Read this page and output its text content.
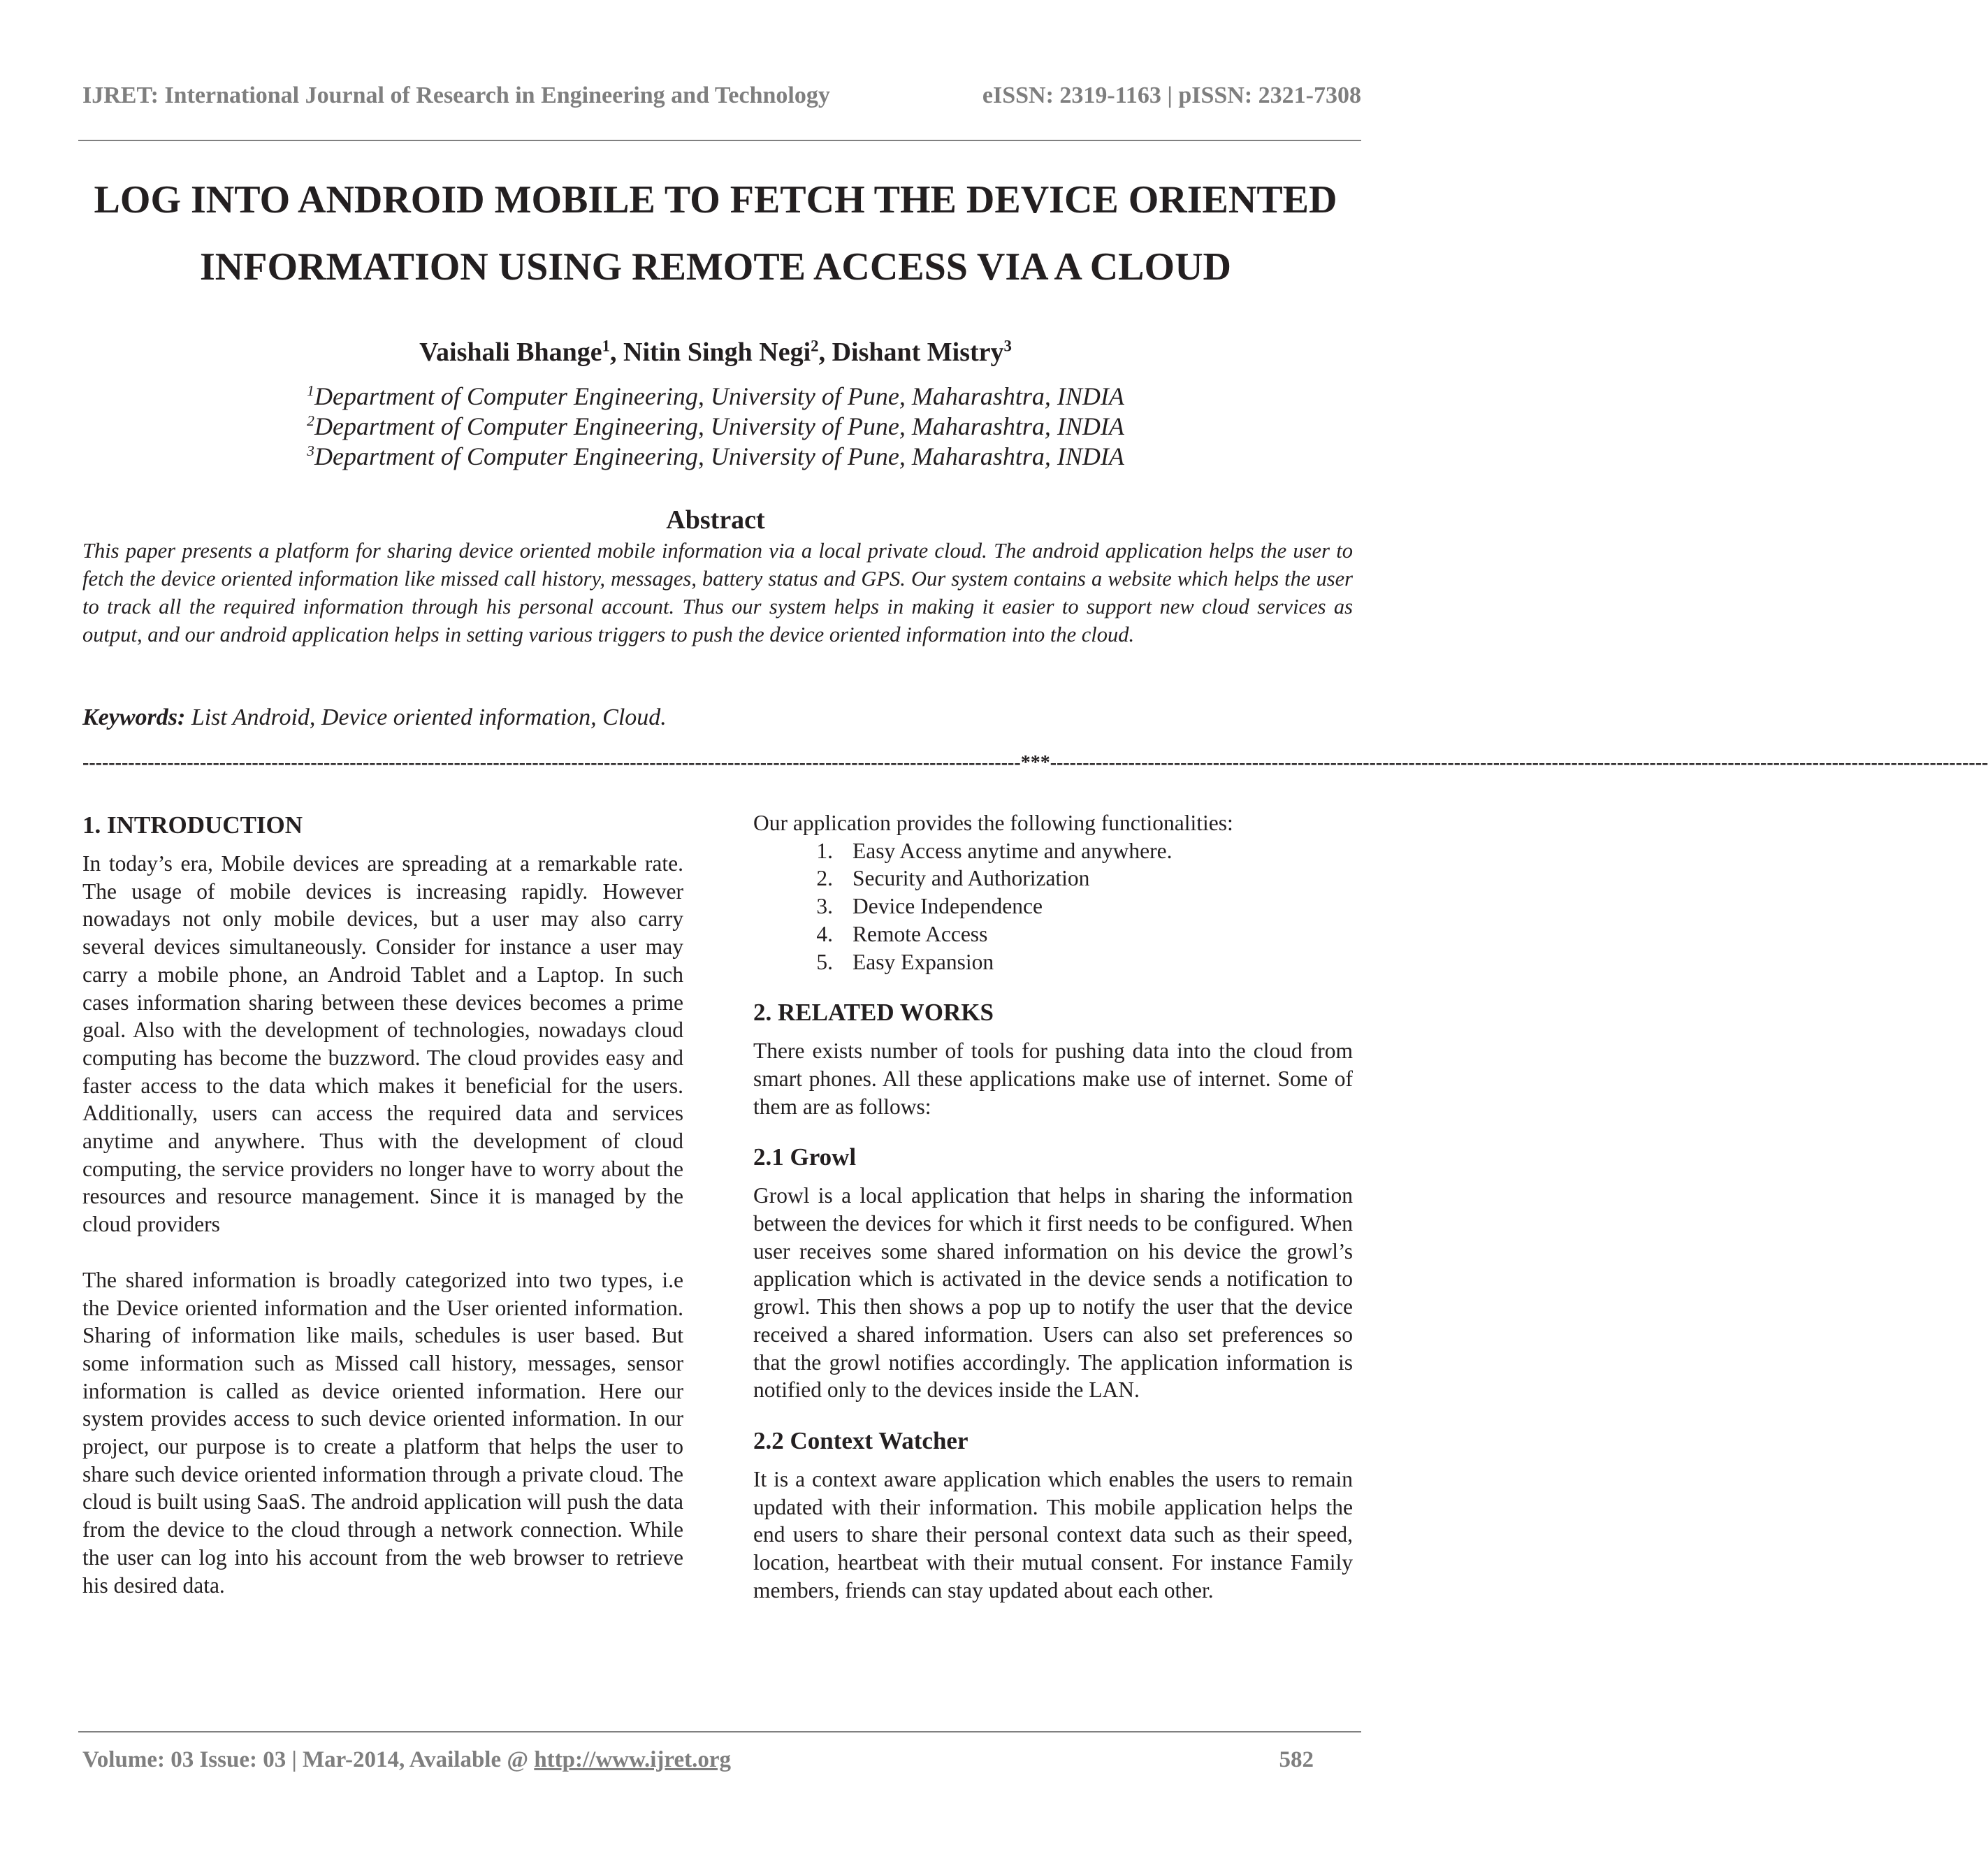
IJRET: International Journal of Research in Engineering and Technology	eISSN: 2319-1163 | pISSN: 2321-7308
LOG INTO ANDROID MOBILE TO FETCH THE DEVICE ORIENTED
INFORMATION USING REMOTE ACCESS VIA A CLOUD
Vaishali Bhange$^1$, Nitin Singh Negi$^2$, Dishant Mistry$^3$
$^1$Department of Computer Engineering, University of Pune, Maharashtra, INDIA
$^2$Department of Computer Engineering, University of Pune, Maharashtra, INDIA
$^3$Department of Computer Engineering, University of Pune, Maharashtra, INDIA
Abstract

This paper presents a platform for sharing device oriented mobile information via a local private cloud. The android application helps the user to fetch the device oriented information like missed call history, messages, battery status and GPS. Our system contains a website which helps the user to track all the required information through his personal account. Thus our system helps in making it easier to support new cloud services as output, and our android application helps in setting various triggers to push the device oriented information into the cloud.

Keywords: List Android, Device oriented information, Cloud.
------------------------------------------------------------------------------------------------------------------------------------------------***------------------------------------------------------------------------------------------------------------------------------------------------
1. INTRODUCTION

In today’s era, Mobile devices are spreading at a remarkable rate. The usage of mobile devices is increasing rapidly. However nowadays not only mobile devices, but a user may also carry several devices simultaneously. Consider for instance a user may carry a mobile phone, an Android Tablet and a Laptop. In such cases information sharing between these devices becomes a prime goal. Also with the development of technologies, nowadays cloud computing has become the buzzword. The cloud provides easy and faster access to the data which makes it beneficial for the users. Additionally, users can access the required data and services anytime and anywhere. Thus with the development of cloud computing, the service providers no longer have to worry about the resources and resource management. Since it is managed by the cloud providers

The shared information is broadly categorized into two types, i.e the Device oriented information and the User oriented information. Sharing of information like mails, schedules is user based. But some information such as Missed call history, messages, sensor information is called as device oriented information. Here our system provides access to such device oriented information. In our project, our purpose is to create a platform that helps the user to share such device oriented information through a private cloud. The cloud is built using SaaS. The android application will push the data from the device to the cloud through a network connection. While the user can log into his account from the web browser to retrieve his desired data.

Our application provides the following functionalities:

1. Easy Access anytime and anywhere.
2. Security and Authorization
3. Device Independence
4. Remote Access
5. Easy Expansion
2. RELATED WORKS

There exists number of tools for pushing data into the cloud from smart phones. All these applications make use of internet. Some of them are as follows:

2.1 Growl

Growl is a local application that helps in sharing the information between the devices for which it first needs to be configured. When user receives some shared information on his device the growl’s application which is activated in the device sends a notification to growl. This then shows a pop up to notify the user that the device received a shared information. Users can also set preferences so that the growl notifies accordingly. The application information is notified only to the devices inside the LAN.

2.2 Context Watcher

It is a context aware application which enables the users to remain updated with their information. This mobile application helps the end users to share their personal context data such as their speed, location, heartbeat with their mutual consent. For instance Family members, friends can stay updated about each other.

Volume: 03 Issue: 03 | Mar-2014, Available @ http://www.ijret.org	582
